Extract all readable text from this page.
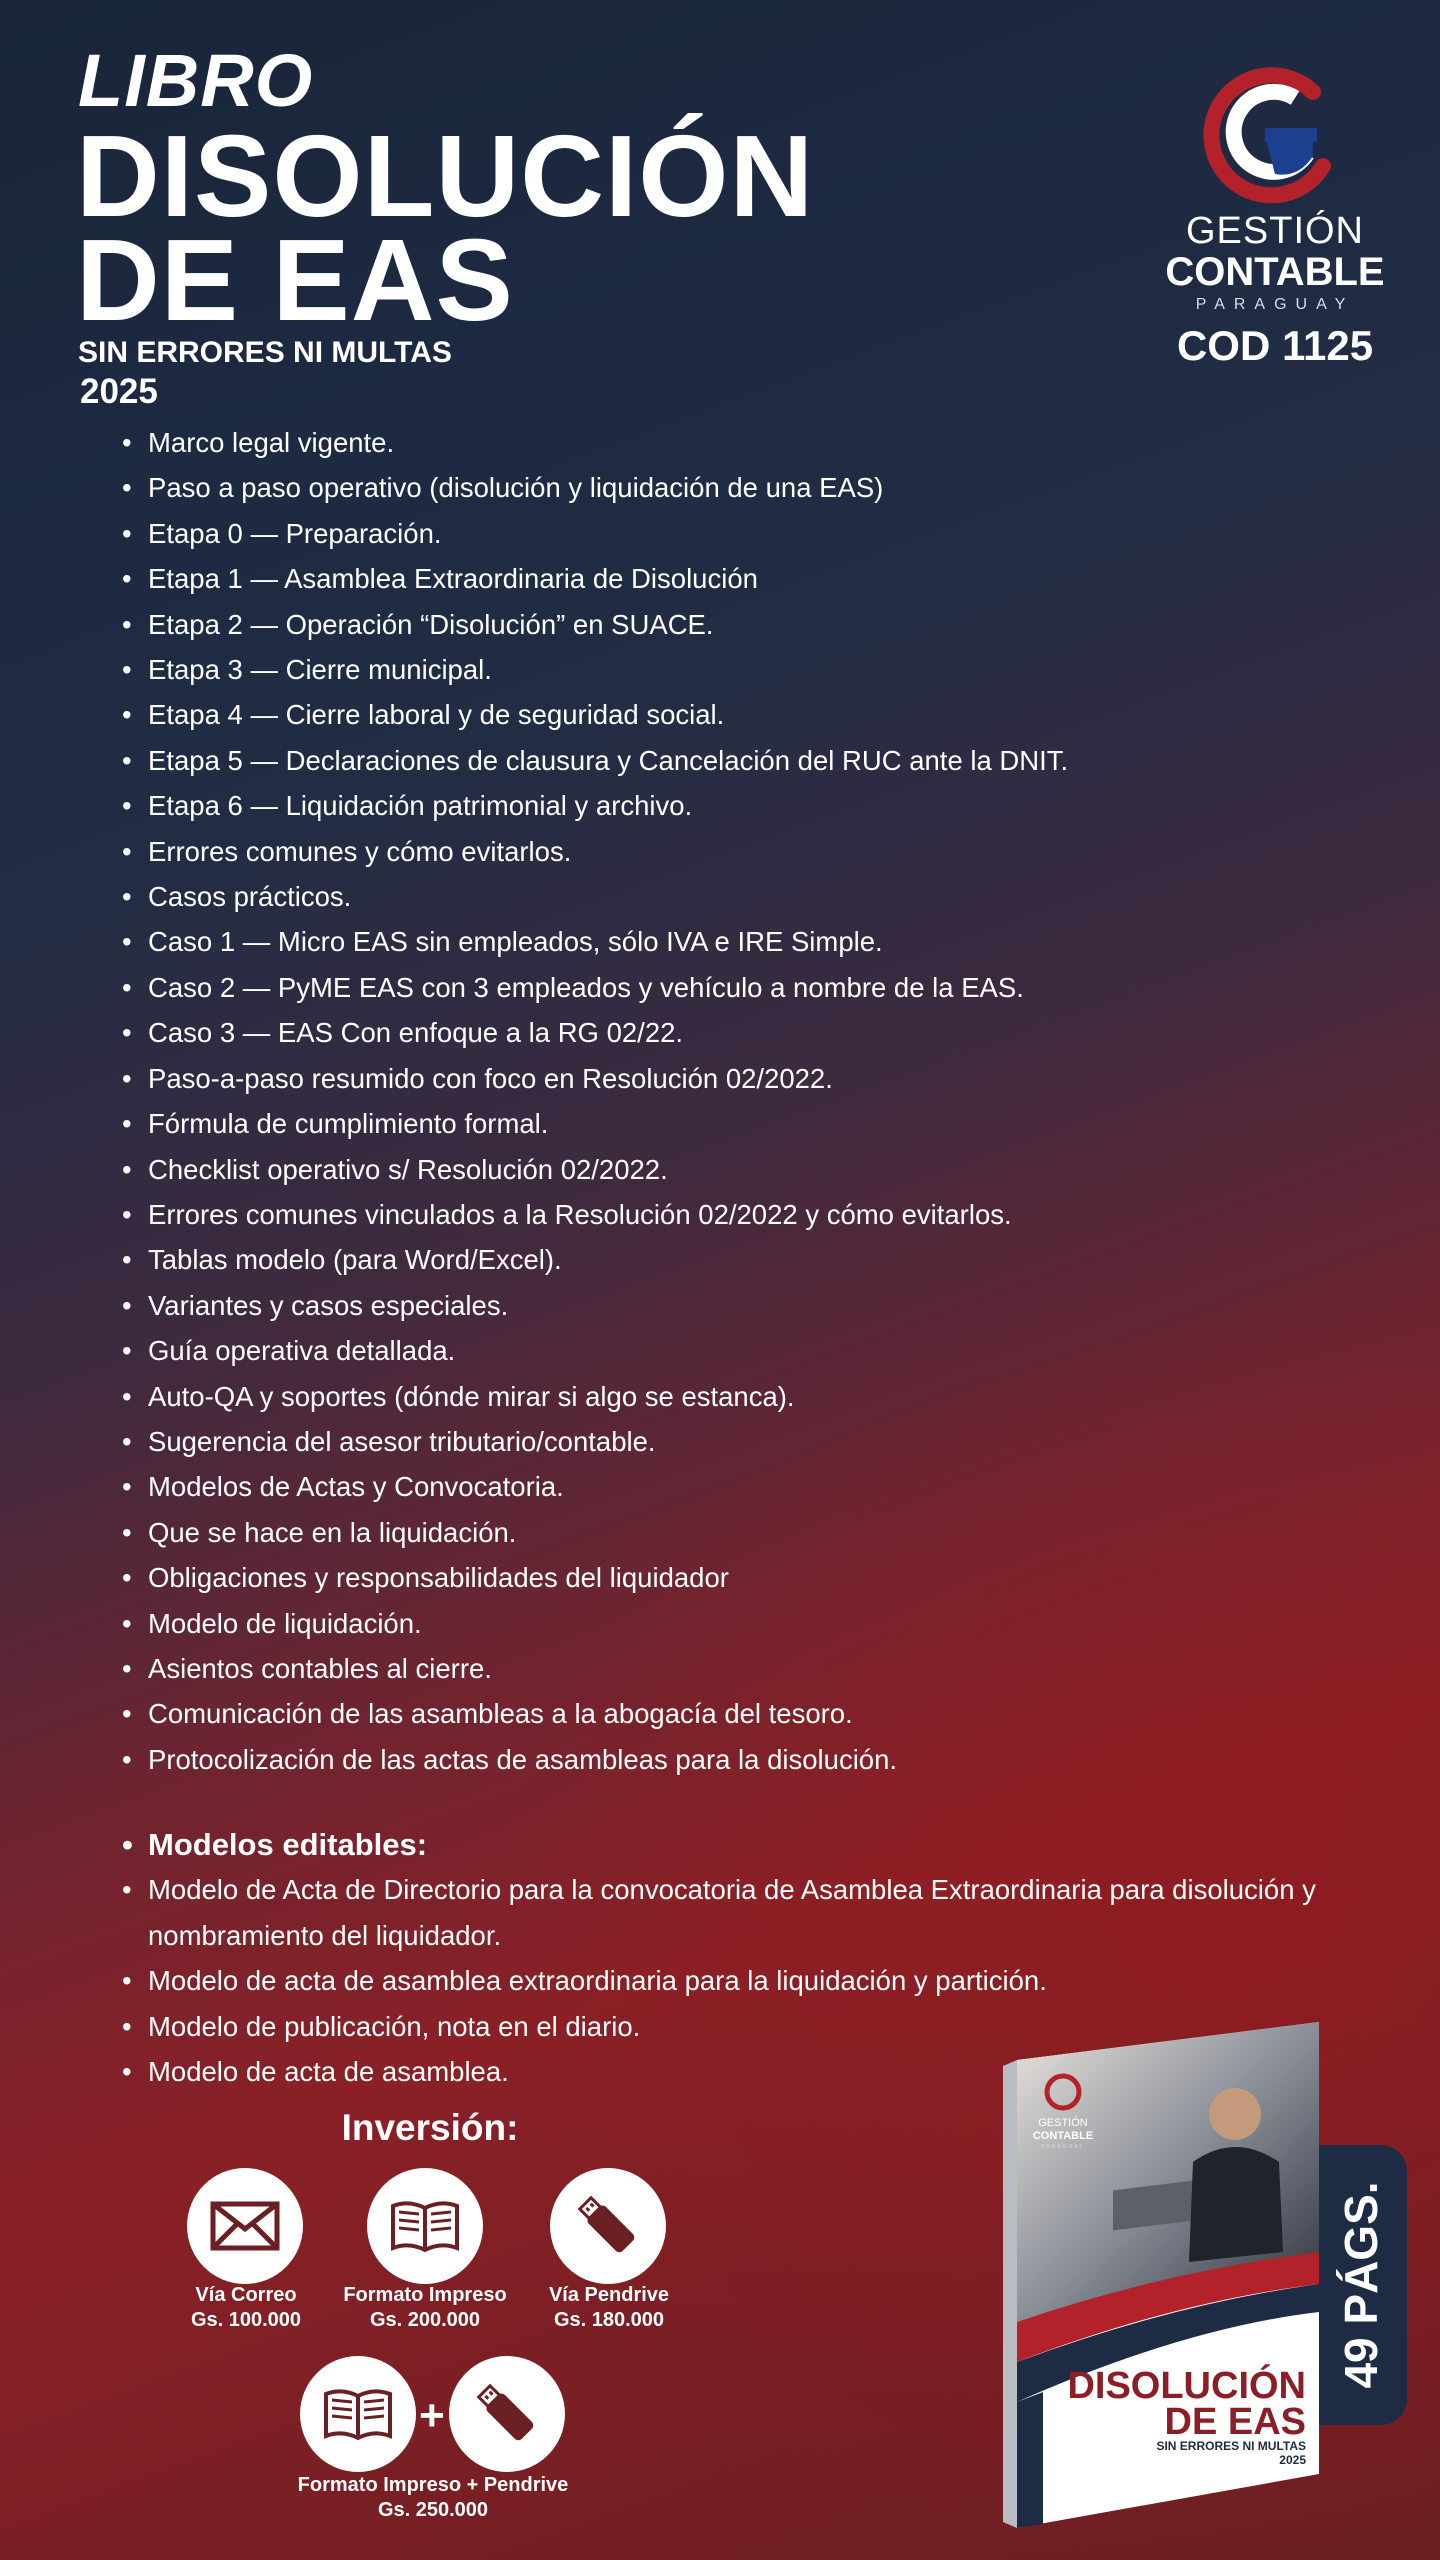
LIBRO
DISOLUCIÓN
DE EAS
SIN ERRORES NI MULTAS
2025
GESTIÓN
CONTABLE
PARAGUAY
COD 1125
• Marco legal vigente.
• Paso a paso operativo (disolución y liquidación de una EAS)
• Etapa 0 — Preparación.
• Etapa 1 — Asamblea Extraordinaria de Disolución
• Etapa 2 — Operación “Disolución” en SUACE.
• Etapa 3 — Cierre municipal.
• Etapa 4 — Cierre laboral y de seguridad social.
• Etapa 5 — Declaraciones de clausura y Cancelación del RUC ante la DNIT.
• Etapa 6 — Liquidación patrimonial y archivo.
• Errores comunes y cómo evitarlos.
• Casos prácticos.
• Caso 1 — Micro EAS sin empleados, sólo IVA e IRE Simple.
• Caso 2 — PyME EAS con 3 empleados y vehículo a nombre de la EAS.
• Caso 3 — EAS Con enfoque a la RG 02/22.
• Paso-a-paso resumido con foco en Resolución 02/2022.
• Fórmula de cumplimiento formal.
• Checklist operativo s/ Resolución 02/2022.
• Errores comunes vinculados a la Resolución 02/2022 y cómo evitarlos.
• Tablas modelo (para Word/Excel).
• Variantes y casos especiales.
• Guía operativa detallada.
• Auto-QA y soportes (dónde mirar si algo se estanca).
• Sugerencia del asesor tributario/contable.
• Modelos de Actas y Convocatoria.
• Que se hace en la liquidación.
• Obligaciones y responsabilidades del liquidador
• Modelo de liquidación.
• Asientos contables al cierre.
• Comunicación de las asambleas a la abogacía del tesoro.
• Protocolización de las actas de asambleas para la disolución.
• Modelos editables:
• Modelo de Acta de Directorio para la convocatoria de Asamblea Extraordinaria para disolución y nombramiento del liquidador.
• Modelo de acta de asamblea extraordinaria para la liquidación y partición.
• Modelo de publicación, nota en el diario.
• Modelo de acta de asamblea.
Inversión:
Vía Correo
Gs. 100.000
Formato Impreso
Gs. 200.000
Vía Pendrive
Gs. 180.000
+
Formato Impreso + Pendrive
Gs. 250.000
49 PÁGS.
GESTIÓN
CONTABLE
PARAGUAY
DISOLUCIÓN
DE EAS
SIN ERRORES NI MULTAS
2025
